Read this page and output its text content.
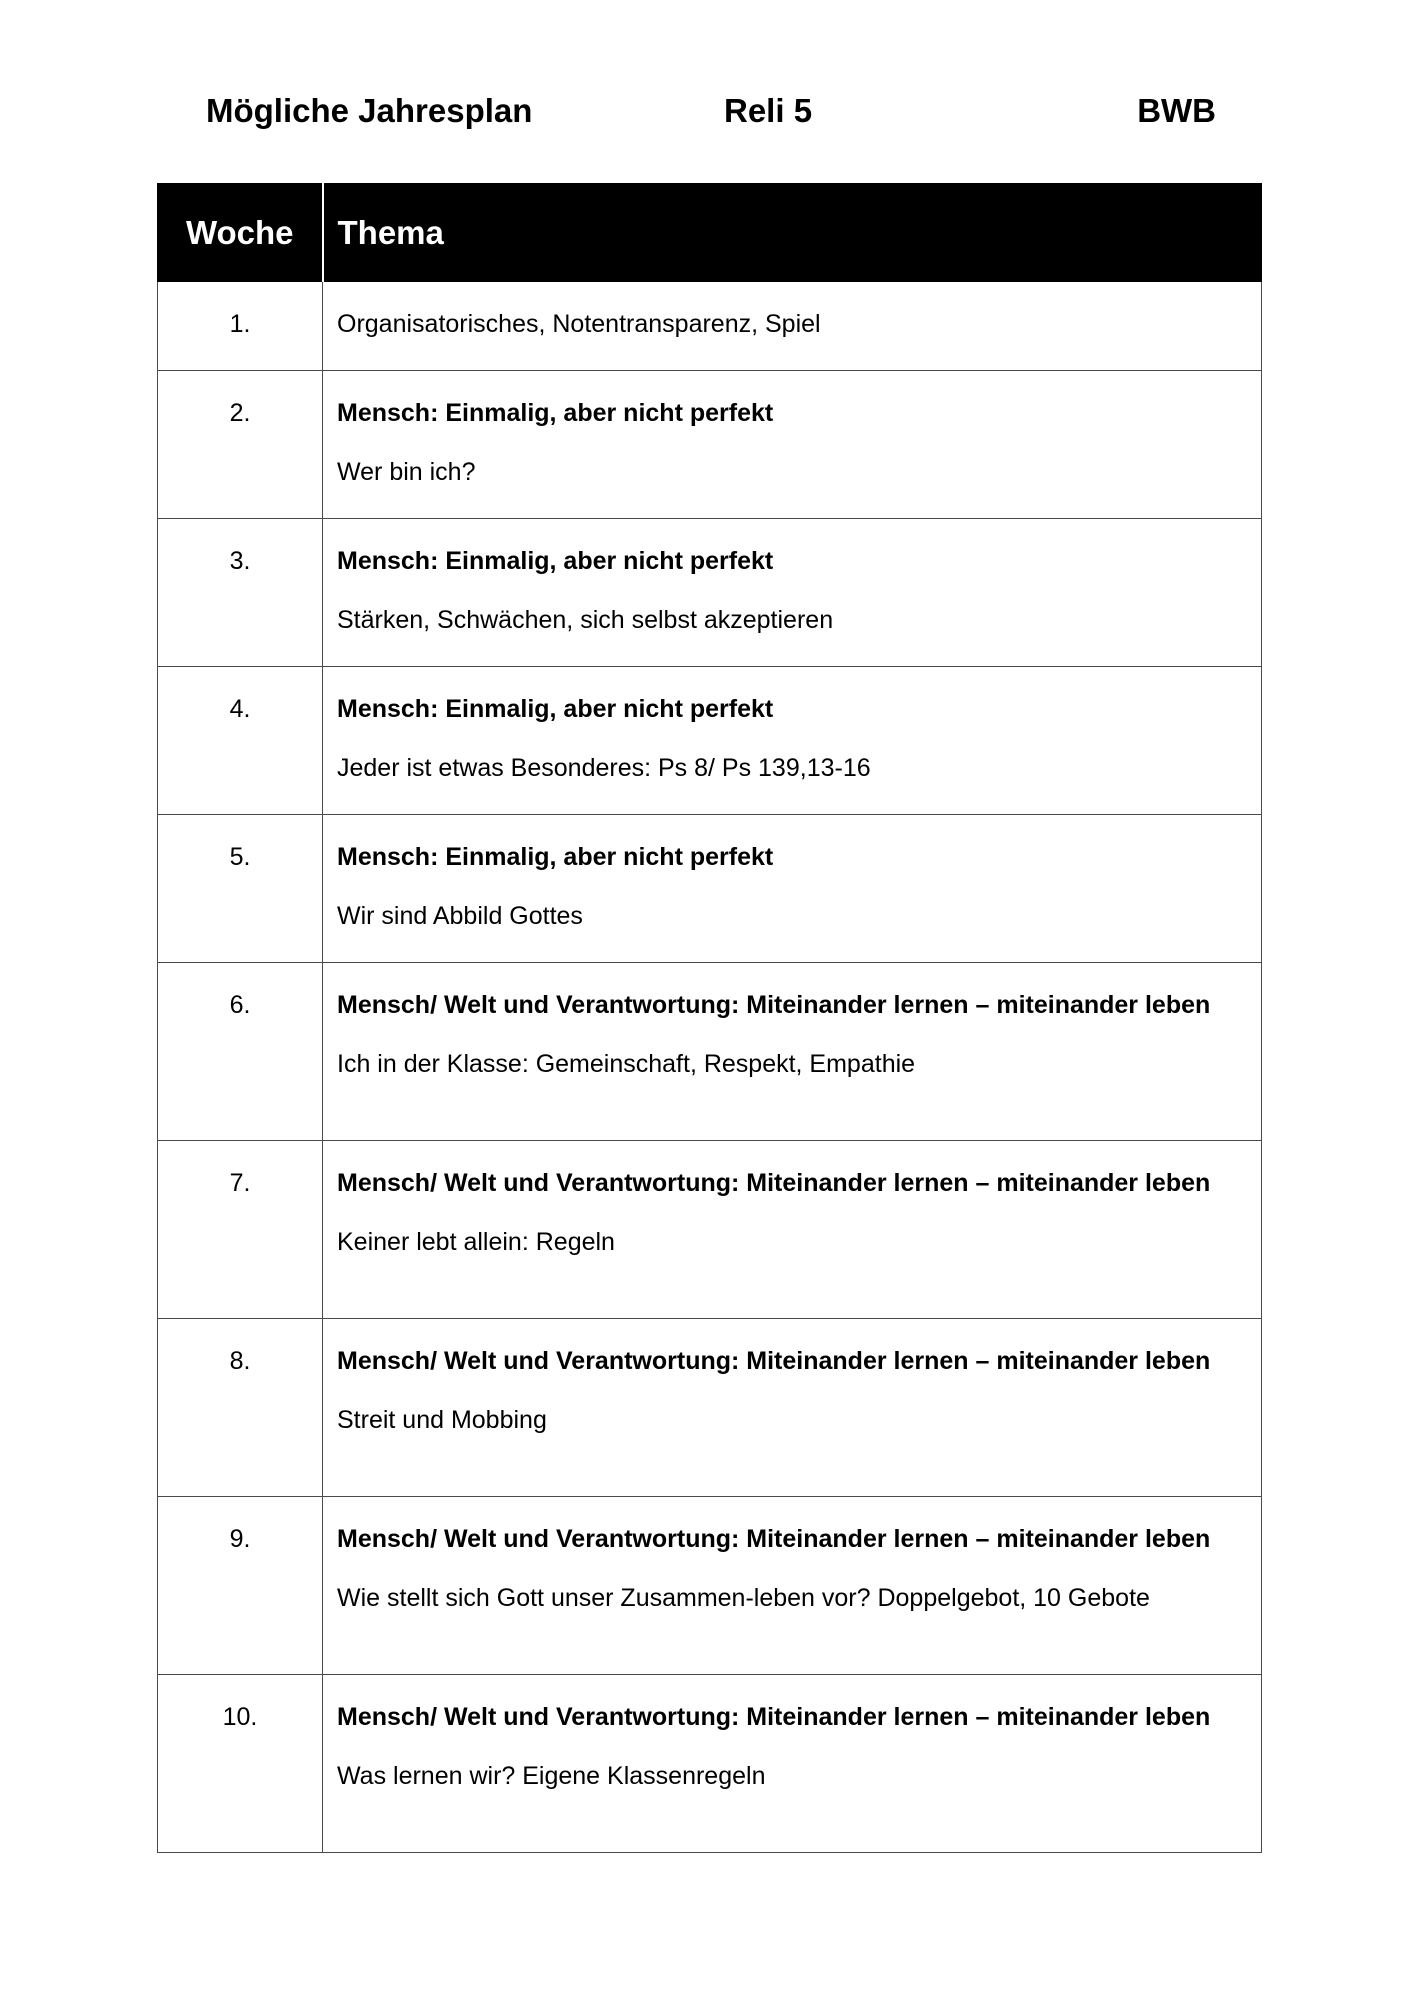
Mögliche Jahresplan	Reli 5	BWB
Woche	Thema
1.	Organisatorisches, Notentransparenz, Spiel

2.	Mensch: Einmalig, aber nicht perfekt

Wer bin ich?

3.	Mensch: Einmalig, aber nicht perfekt

Stärken, Schwächen, sich selbst akzeptieren

4.	Mensch: Einmalig, aber nicht perfekt

Jeder ist etwas Besonderes: Ps 8/ Ps 139,13-16

5.	Mensch: Einmalig, aber nicht perfekt

Wir sind Abbild Gottes

6.	Mensch/ Welt und Verantwortung: Miteinander lernen – miteinander leben

Ich in der Klasse: Gemeinschaft, Respekt, Empathie

7.	Mensch/ Welt und Verantwortung: Miteinander lernen – miteinander leben

Keiner lebt allein: Regeln

8.	Mensch/ Welt und Verantwortung: Miteinander lernen – miteinander leben

Streit und Mobbing

9.	Mensch/ Welt und Verantwortung: Miteinander lernen – miteinander leben

Wie stellt sich Gott unser Zusammen-leben vor? Doppelgebot, 10 Gebote

10.	Mensch/ Welt und Verantwortung: Miteinander lernen – miteinander leben

Was lernen wir? Eigene Klassenregeln
